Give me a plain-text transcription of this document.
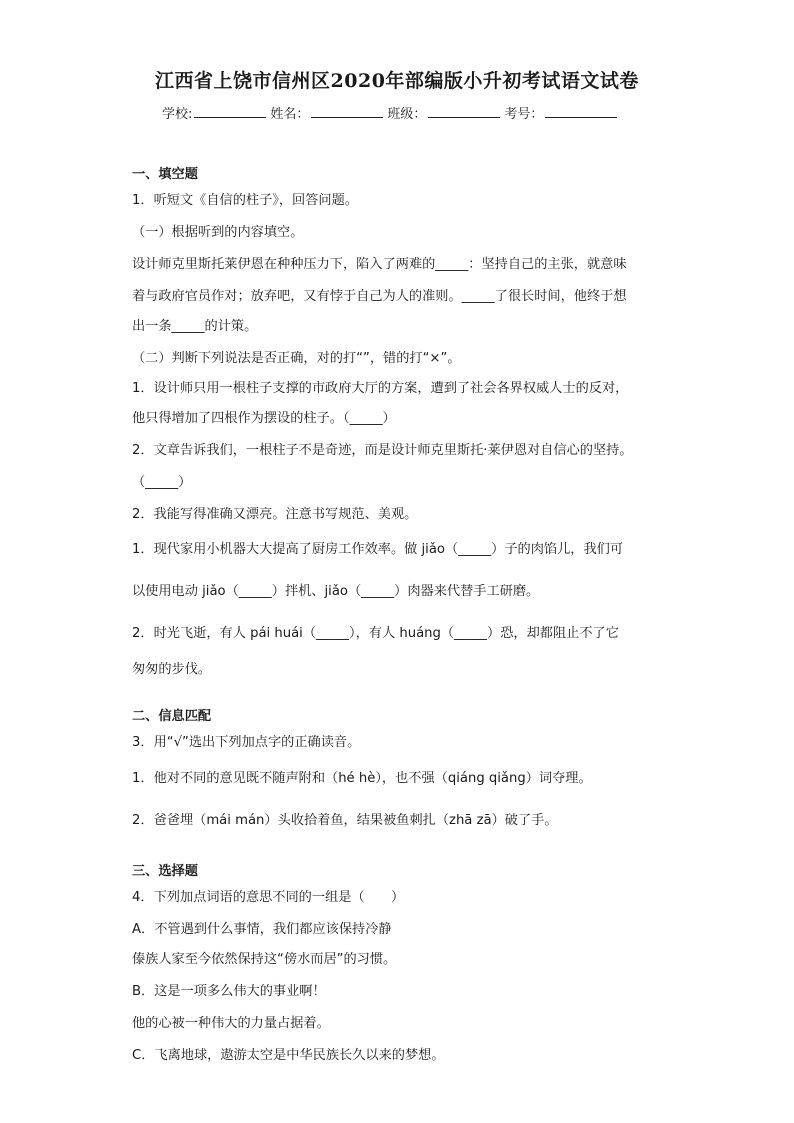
江西省上饶市信州区2020年部编版小升初考试语文试卷
学校:	姓名：	班级：	考号：
一、填空题
1．听短文《自信的柱子》，回答问题。
（一）根据听到的内容填空。
设计师克里斯托莱伊恩在种种压力下，陷入了两难的_____：坚持自己的主张，就意味
着与政府官员作对；放弃吧，又有悖于自己为人的准则。_____了很长时间，他终于想
出一条_____的计策。
（二）判断下列说法是否正确，对的打“”，错的打“×”。
1．设计师只用一根柱子支撑的市政府大厅的方案，遭到了社会各界权威人士的反对，
他只得增加了四根作为摆设的柱子。（_____）
2．文章告诉我们，一根柱子不是奇迹，而是设计师克里斯托·莱伊恩对自信心的坚持。
（_____）
2．我能写得准确又漂亮。注意书写规范、美观。
1．现代家用小机器大大提高了厨房工作效率。做 jiǎo（_____）子的肉馅儿，我们可
以使用电动 jiǎo（_____）拌机、jiǎo（_____）肉器来代替手工研磨。
2．时光飞逝，有人 pái huái（_____），有人 huáng（_____）恐，却都阻止不了它
匆匆的步伐。
二、信息匹配
3．用“√”选出下列加点字的正确读音。
1．他对不同的意见既不随声附和（hé hè），也不强（qiáng qiǎng）词夺理。
2．爸爸埋（mái mán）头收拾着鱼，结果被鱼刺扎（zhā zā）破了手。
三、选择题
4．下列加点词语的意思不同的一组是（　　）
A．不管遇到什么事情，我们都应该保持冷静
傣族人家至今依然保持这“傍水而居”的习惯。
B．这是一项多么伟大的事业啊！
他的心被一种伟大的力量占据着。
C．飞离地球，遨游太空是中华民族长久以来的梦想。
